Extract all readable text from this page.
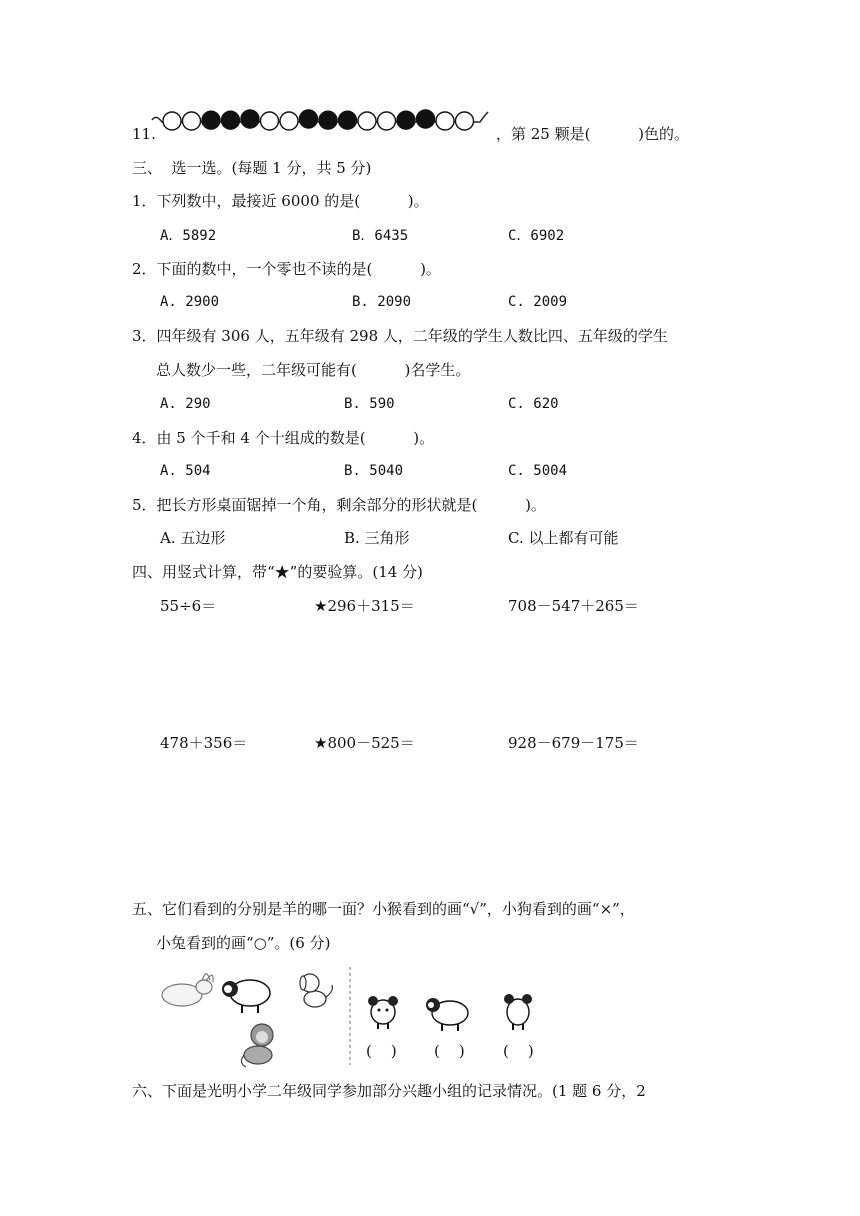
11.	，第 25 颗是(          )色的。
三、  选一选。(每题 1 分，共 5 分)
1．下列数中，最接近 6000 的是(          )。
A．5892	B．6435	C．6902
2．下面的数中，一个零也不读的是(          )。
A. 2900	B. 2090	C. 2009
3．四年级有 306 人，五年级有 298 人，二年级的学生人数比四、五年级的学生
总人数少一些，二年级可能有(          )名学生。
A. 290	B. 590	C. 620
4．由 5 个千和 4 个十组成的数是(          )。
A. 504	B. 5040	C. 5004
5．把长方形桌面锯掉一个角，剩余部分的形状就是(          )。
A. 五边形	B. 三角形	C. 以上都有可能
四、用竖式计算，带“★”的要验算。(14 分)
55÷6＝	★296＋315＝	708－547＋265＝
478＋356＝	★800－525＝	928－679－175＝
五、它们看到的分别是羊的哪一面？小猴看到的画“√”，小狗看到的画“×”，
小兔看到的画“○”。(6 分)
(    ) (    )	(    )
六、下面是光明小学二年级同学参加部分兴趣小组的记录情况。(1 题 6 分，2
